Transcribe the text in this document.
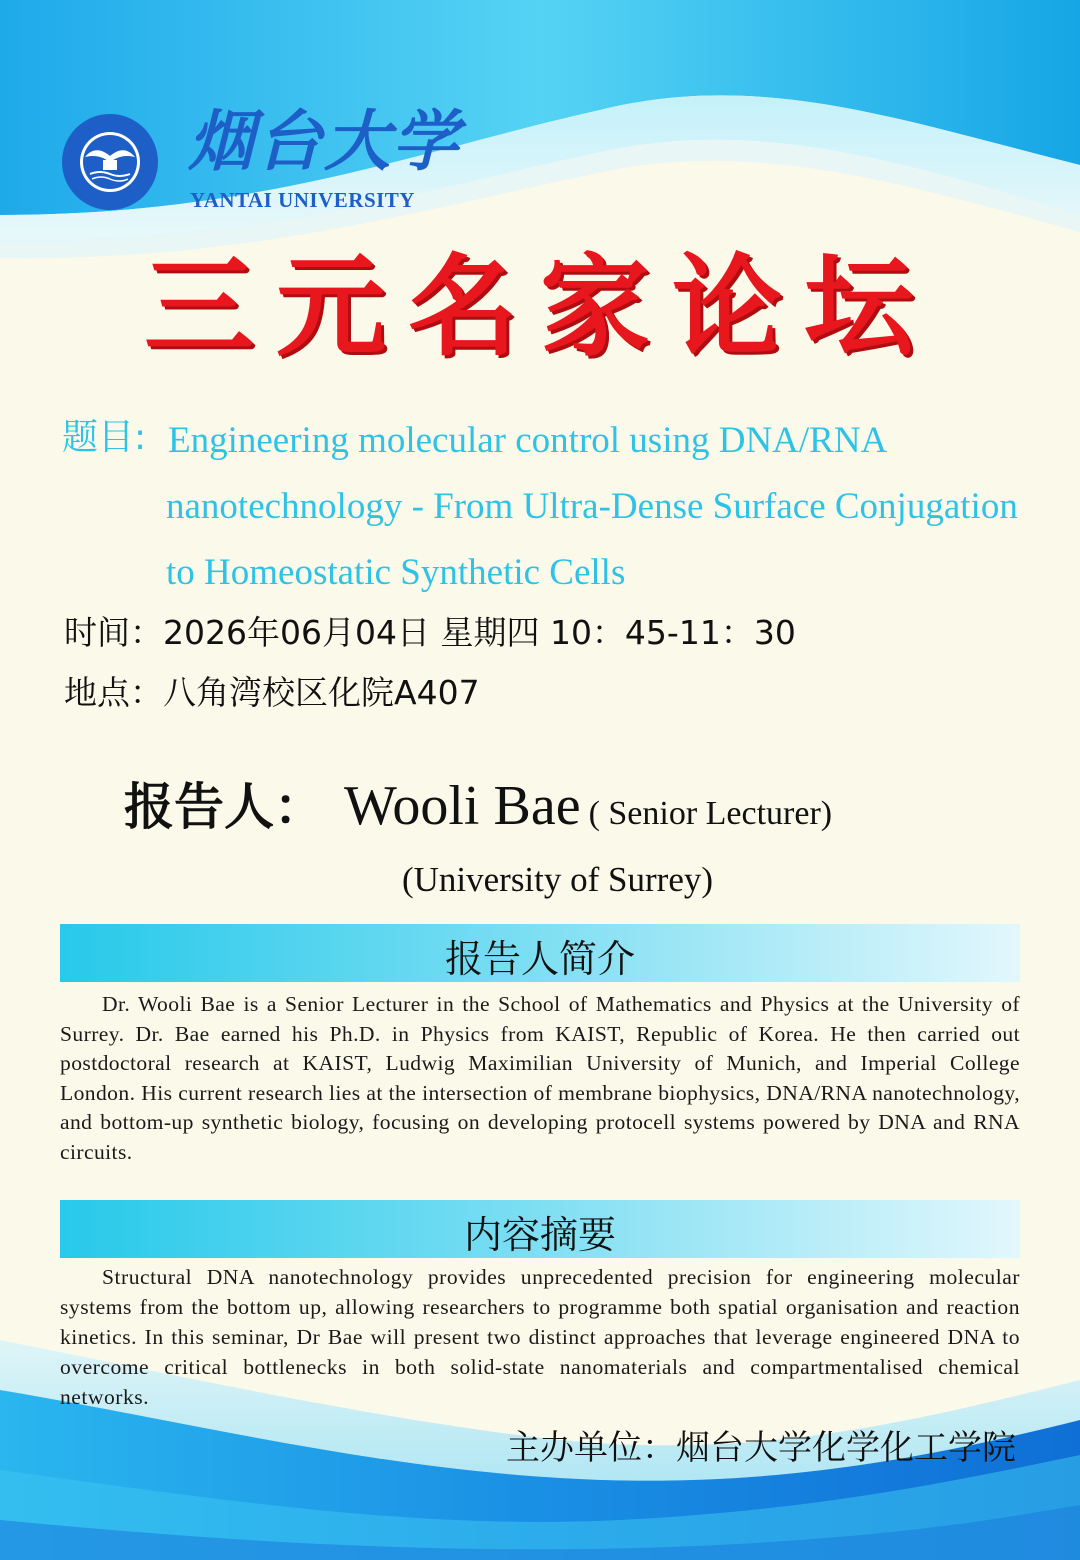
烟台大学
YANTAI UNIVERSITY
三元名家论坛
题目: Engineering molecular control using DNA/RNA
nanotechnology - From Ultra-Dense Surface Conjugation
to Homeostatic Synthetic Cells
时间：2026年06月04日 星期四 10：45-11：30
地点：八角湾校区化院A407
报告人： Wooli Bae ( Senior Lecturer)
(University of Surrey)
报告人简介

Dr. Wooli Bae is a Senior Lecturer in the School of Mathematics and Physics at the University of Surrey. Dr. Bae earned his Ph.D. in Physics from KAIST, Republic of Korea. He then carried out postdoctoral research at KAIST, Ludwig Maximilian University of Munich, and Imperial College London. His current research lies at the intersection of membrane biophysics, DNA/RNA nanotechnology, and bottom-up synthetic biology, focusing on developing protocell systems powered by DNA and RNA circuits.

内容摘要

Structural DNA nanotechnology provides unprecedented precision for engineering molecular systems from the bottom up, allowing researchers to programme both spatial organisation and reaction kinetics. In this seminar, Dr Bae will present two distinct approaches that leverage engineered DNA to overcome critical bottlenecks in both solid-state nanomaterials and compartmentalised chemical networks.

主办单位：烟台大学化学化工学院
